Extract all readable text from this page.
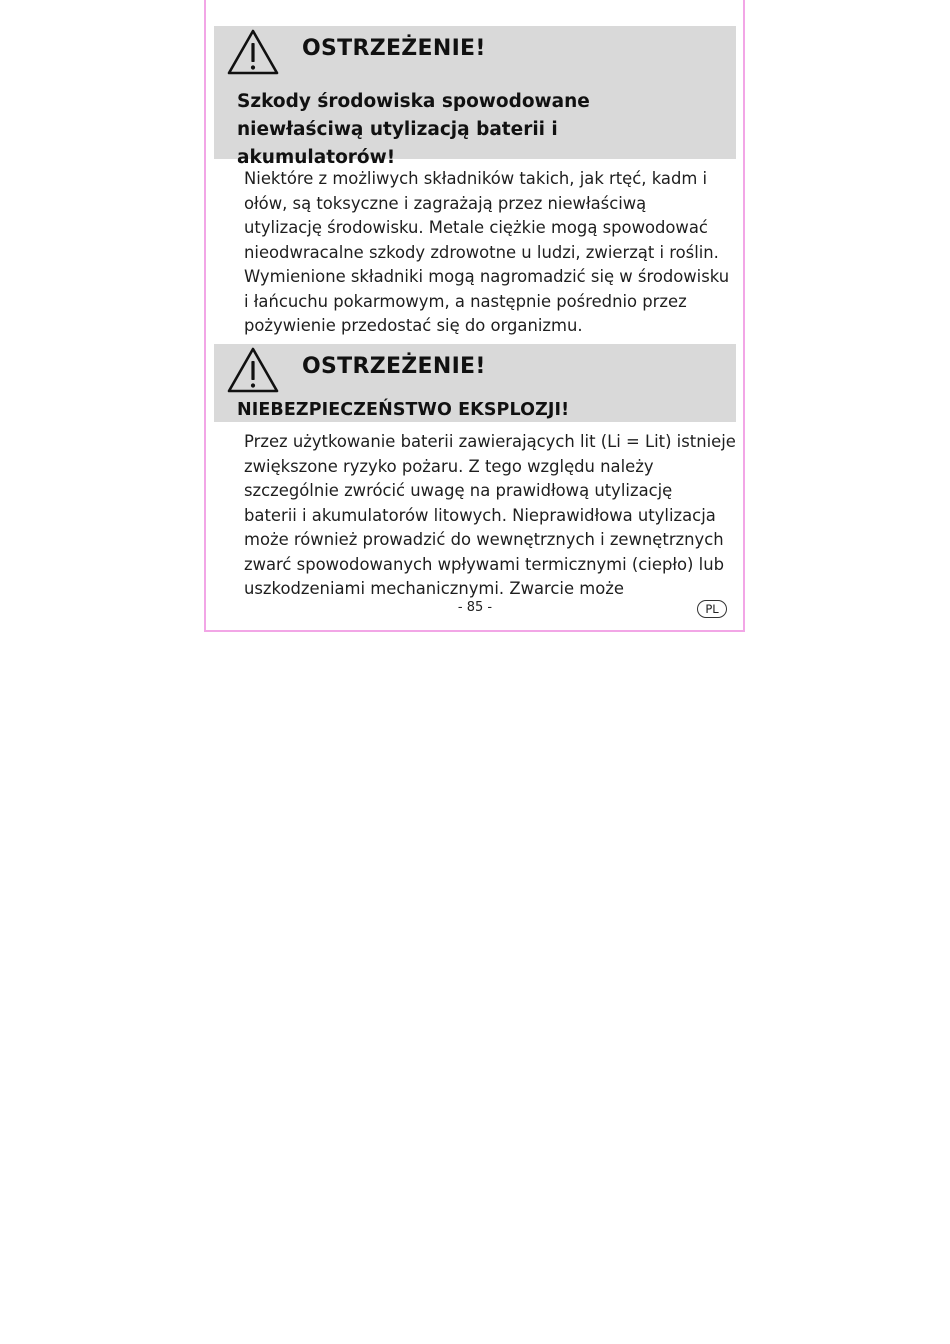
OSTRZEŻENIE!
Szkody środowiska spowodowane
niewłaściwą utylizacją baterii i
akumulatorów!
Niektóre z możliwych składników takich, jak rtęć, kadm i
ołów, są toksyczne i zagrażają przez niewłaściwą
utylizację środowisku. Metale ciężkie mogą spowodować
nieodwracalne szkody zdrowotne u ludzi, zwierząt i roślin.
Wymienione składniki mogą nagromadzić się w środowisku
i łańcuchu pokarmowym, a następnie pośrednio przez
pożywienie przedostać się do organizmu.
OSTRZEŻENIE!
NIEBEZPIECZEŃSTWO EKSPLOZJI!
Przez użytkowanie baterii zawierających lit (Li = Lit) istnieje
zwiększone ryzyko pożaru. Z tego względu należy
szczególnie zwrócić uwagę na prawidłową utylizację
baterii i akumulatorów litowych. Nieprawidłowa utylizacja
może również prowadzić do wewnętrznych i zewnętrznych
zwarć spowodowanych wpływami termicznymi (ciepło) lub
uszkodzeniami mechanicznymi. Zwarcie może
- 85 -	PL
